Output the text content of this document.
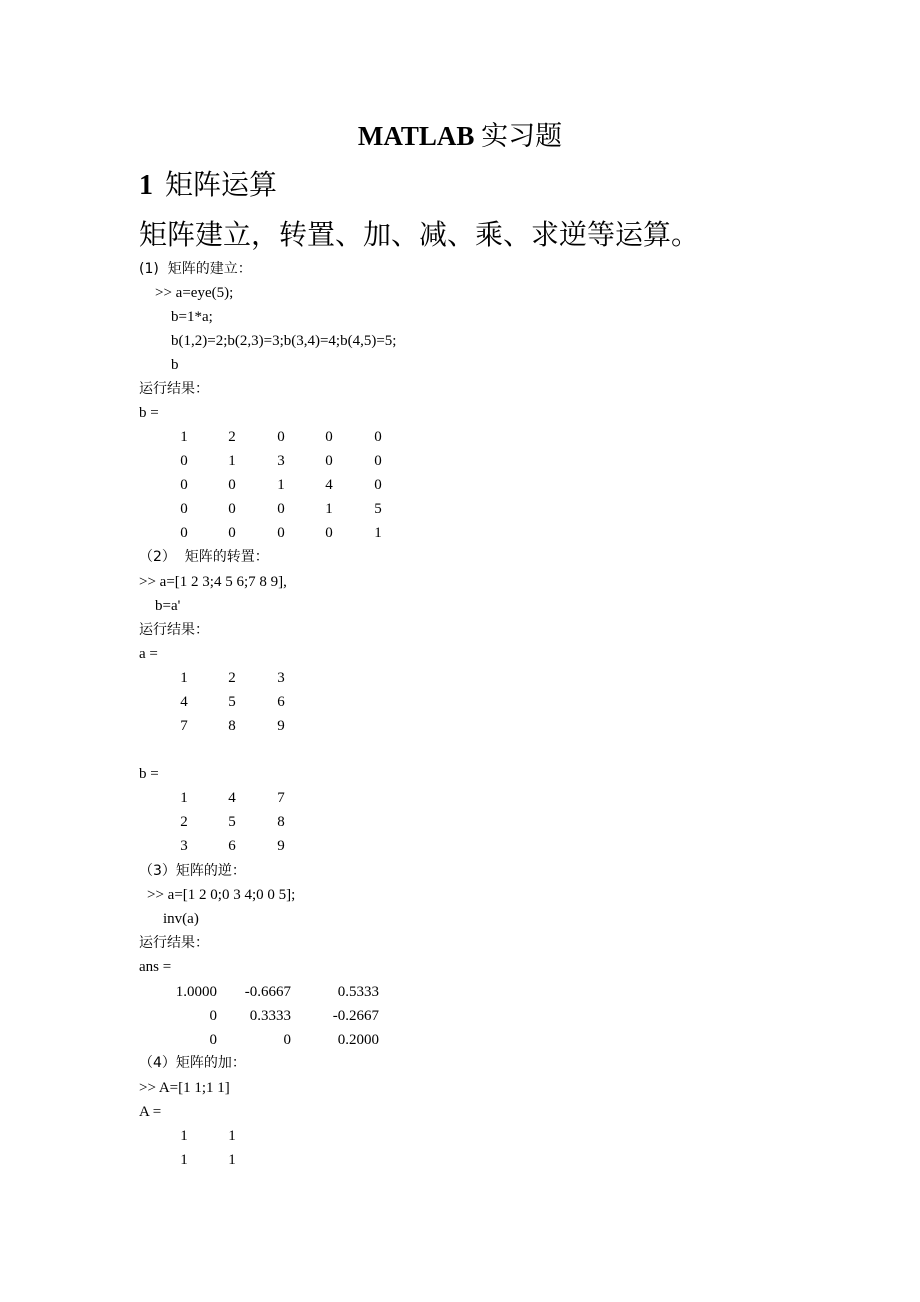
MATLAB 实习题
1 矩阵运算
矩阵建立，转置、加、减、乘、求逆等运算。
(1)  矩阵的建立：
>> a=eye(5);
b=1*a;
b(1,2)=2;b(2,3)=3;b(3,4)=4;b(4,5)=5;
b
运行结果：
b =
1	2	0	0	0
0	1	3	0	0
0	0	1	4	0
0	0	0	1	5
0	0	0	0	1
（2）  矩阵的转置：
>> a=[1 2 3;4 5 6;7 8 9],
b=a'
运行结果：
a =
1	2	3
4	5	6
7	8	9
b =
1	4	7
2	5	8
3	6	9
（3）矩阵的逆：
>> a=[1 2 0;0 3 4;0 0 5];
inv(a)
运行结果：
ans =
1.0000	-0.6667	0.5333
0	0.3333	-0.2667
0	0	0.2000
（4）矩阵的加：
>> A=[1 1;1 1]
A =
1	1
1	1
